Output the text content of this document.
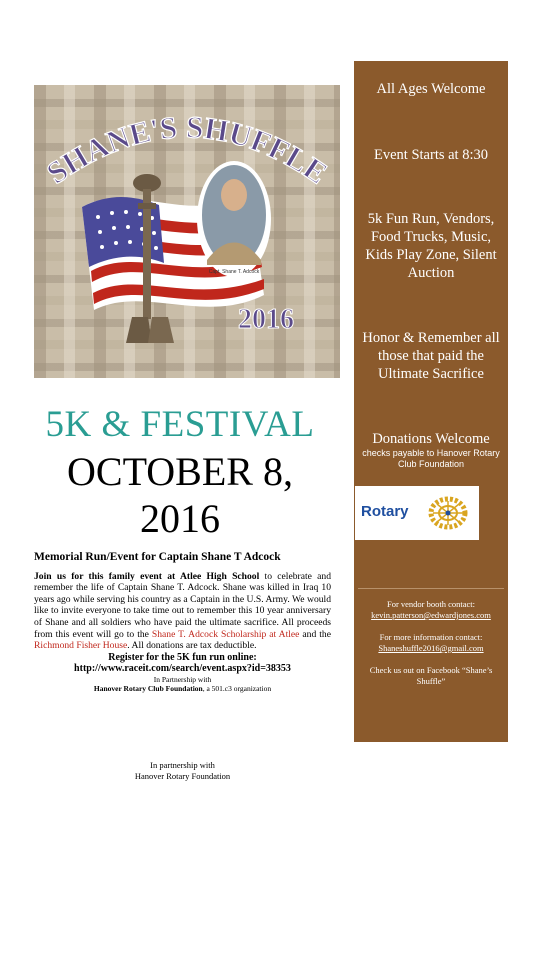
SHANE'S SHUFFLE
Capt. Shane T. Adcock
2016
5K & FESTIVAL
OCTOBER 8,
2016
Memorial Run/Event for Captain Shane T Adcock
Join us for this family event at Atlee High School to celebrate and remember the life of Captain Shane T. Adcock. Shane was killed in Iraq 10 years ago while serving his country as a Captain in the U.S. Army. We would like to invite everyone to take time out to remember this 10 year anniversary of Shane and all soldiers who have paid the ultimate sacrifice. All proceeds from this event will go to the Shane T. Adcock Scholarship at Atlee and the Richmond Fisher House. All donations are tax deductible.
Register for the 5K fun run online:
http://www.raceit.com/search/event.aspx?id=38353
In Partnership with
Hanover Rotary Club Foundation, a 501.c3 organization
In partnership with
Hanover Rotary Foundation
All Ages Welcome
Event Starts at 8:30
5k Fun Run, Vendors, Food Trucks, Music, Kids Play Zone, Silent Auction
Honor & Remember all those that paid the Ultimate Sacrifice
Donations Welcome
checks payable to Hanover Rotary Club Foundation
Rotary
For vendor booth contact:
kevin.patterson@edwardjones.com
For more information contact:
Shaneshuffle2016@gmail.com
Check us out on Facebook “Shane’s Shuffle”
